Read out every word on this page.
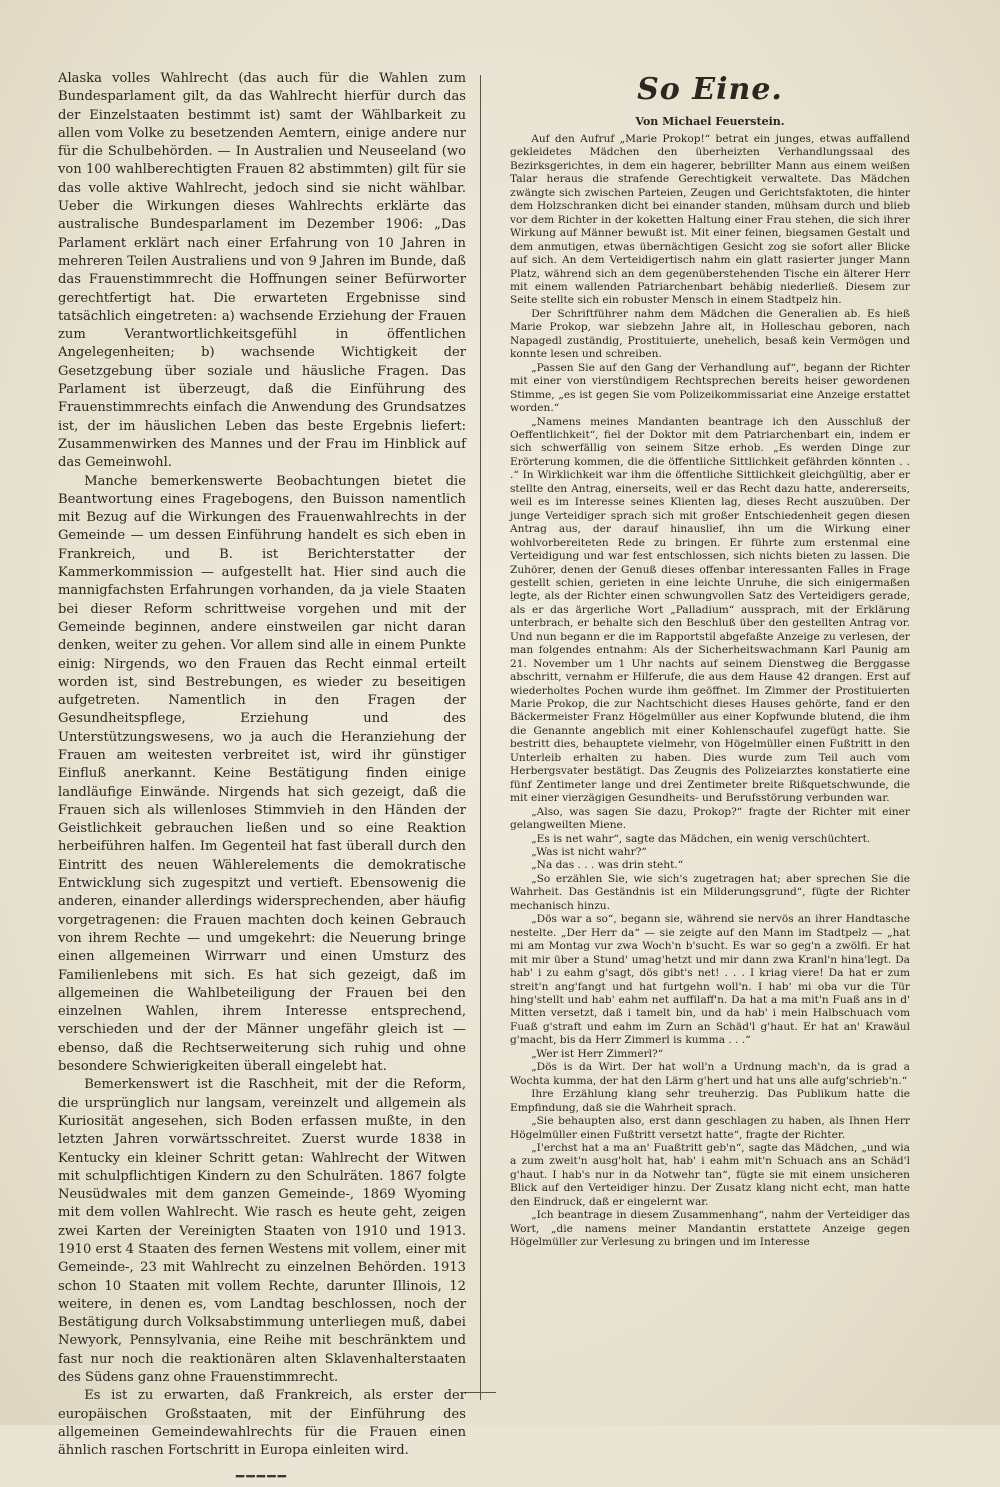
Alaska volles Wahlrecht (das auch für die Wahlen zum Bundesparlament gilt, da das Wahlrecht hierfür durch das der Einzelstaaten bestimmt ist) samt der Wählbarkeit zu allen vom Volke zu besetzenden Aemtern, einige andere nur für die Schulbehörden. — In Australien und Neuseeland (wo von 100 wahlberechtigten Frauen 82 abstimmten) gilt für sie das volle aktive Wahlrecht, jedoch sind sie nicht wählbar. Ueber die Wirkungen dieses Wahlrechts erklärte das australische Bundesparlament im Dezember 1906: „Das Parlament erklärt nach einer Erfahrung von 10 Jahren in mehreren Teilen Australiens und von 9 Jahren im Bunde, daß das Frauenstimmrecht die Hoffnungen seiner Befürworter gerechtfertigt hat. Die erwarteten Ergebnisse sind tatsächlich eingetreten: a) wachsende Erziehung der Frauen zum Verantwortlichkeitsgefühl in öffentlichen Angelegenheiten; b) wachsende Wichtigkeit der Gesetzgebung über soziale und häusliche Fragen. Das Parlament ist überzeugt, daß die Einführung des Frauenstimmrechts einfach die Anwendung des Grundsatzes ist, der im häuslichen Leben das beste Ergebnis liefert: Zusammenwirken des Mannes und der Frau im Hinblick auf das Gemeinwohl.

Manche bemerkenswerte Beobachtungen bietet die Beantwortung eines Fragebogens, den Buisson namentlich mit Bezug auf die Wirkungen des Frauenwahlrechts in der Gemeinde — um dessen Einführung handelt es sich eben in Frankreich, und B. ist Berichterstatter der Kammerkommission — aufgestellt hat. Hier sind auch die mannigfachsten Erfahrungen vorhanden, da ja viele Staaten bei dieser Reform schrittweise vorgehen und mit der Gemeinde beginnen, andere einstweilen gar nicht daran denken, weiter zu gehen. Vor allem sind alle in einem Punkte einig: Nirgends, wo den Frauen das Recht einmal erteilt worden ist, sind Bestrebungen, es wieder zu beseitigen aufgetreten. Namentlich in den Fragen der Gesundheitspflege, Erziehung und des Unterstützungswesens, wo ja auch die Heranziehung der Frauen am weitesten verbreitet ist, wird ihr günstiger Einfluß anerkannt. Keine Bestätigung finden einige landläufige Einwände. Nirgends hat sich gezeigt, daß die Frauen sich als willenloses Stimmvieh in den Händen der Geistlichkeit gebrauchen ließen und so eine Reaktion herbeiführen halfen. Im Gegenteil hat fast überall durch den Eintritt des neuen Wählerelements die demokratische Entwicklung sich zugespitzt und vertieft. Ebensowenig die anderen, einander allerdings widersprechenden, aber häufig vorgetragenen: die Frauen machten doch keinen Gebrauch von ihrem Rechte — und umgekehrt: die Neuerung bringe einen allgemeinen Wirrwarr und einen Umsturz des Familienlebens mit sich. Es hat sich gezeigt, daß im allgemeinen die Wahlbeteiligung der Frauen bei den einzelnen Wahlen, ihrem Interesse entsprechend, verschieden und der der Männer ungefähr gleich ist — ebenso, daß die Rechtserweiterung sich ruhig und ohne besondere Schwierigkeiten überall eingelebt hat.

Bemerkenswert ist die Raschheit, mit der die Reform, die ursprünglich nur langsam, vereinzelt und allgemein als Kuriosität angesehen, sich Boden erfassen mußte, in den letzten Jahren vorwärtsschreitet. Zuerst wurde 1838 in Kentucky ein kleiner Schritt getan: Wahlrecht der Witwen mit schulpflichtigen Kindern zu den Schulräten. 1867 folgte Neusüdwales mit dem ganzen Gemeinde-, 1869 Wyoming mit dem vollen Wahlrecht. Wie rasch es heute geht, zeigen zwei Karten der Vereinigten Staaten von 1910 und 1913. 1910 erst 4 Staaten des fernen Westens mit vollem, einer mit Gemeinde-, 23 mit Wahlrecht zu einzelnen Behörden. 1913 schon 10 Staaten mit vollem Rechte, darunter Illinois, 12 weitere, in denen es, vom Landtag beschlossen, noch der Bestätigung durch Volksabstimmung unterliegen muß, dabei Newyork, Pennsylvania, eine Reihe mit beschränktem und fast nur noch die reaktionären alten Sklavenhalterstaaten des Südens ganz ohne Frauenstimmrecht.

Es ist zu erwarten, daß Frankreich, als erster der europäischen Großstaaten, mit der Einführung des allgemeinen Gemeindewahlrechts für die Frauen einen ähnlich raschen Fortschritt in Europa einleiten wird.

━━━━━
So Eine.
Von Michael Feuerstein.

Auf den Aufruf „Marie Prokop!“ betrat ein junges, etwas auffallend gekleidetes Mädchen den überheizten Verhandlungssaal des Bezirksgerichtes, in dem ein hagerer, bebrillter Mann aus einem weißen Talar heraus die strafende Gerechtigkeit verwaltete. Das Mädchen zwängte sich zwischen Parteien, Zeugen und Gerichtsfaktoten, die hinter dem Holzschranken dicht bei einander standen, mühsam durch und blieb vor dem Richter in der koketten Haltung einer Frau stehen, die sich ihrer Wirkung auf Männer bewußt ist. Mit einer feinen, biegsamen Gestalt und dem anmutigen, etwas übernächtigen Gesicht zog sie sofort aller Blicke auf sich. An dem Verteidigertisch nahm ein glatt rasierter junger Mann Platz, während sich an dem gegenüberstehenden Tische ein älterer Herr mit einem wallenden Patriarchenbart behäbig niederließ. Diesem zur Seite stellte sich ein robuster Mensch in einem Stadtpelz hin.

Der Schriftführer nahm dem Mädchen die Generalien ab. Es hieß Marie Prokop, war siebzehn Jahre alt, in Holleschau geboren, nach Napagedl zuständig, Prostituierte, unehelich, besaß kein Vermögen und konnte lesen und schreiben.

„Passen Sie auf den Gang der Verhandlung auf“, begann der Richter mit einer von vierstündigem Rechtsprechen bereits heiser gewordenen Stimme, „es ist gegen Sie vom Polizeikommissariat eine Anzeige erstattet worden.“

„Namens meines Mandanten beantrage ich den Ausschluß der Oeffentlichkeit“, fiel der Doktor mit dem Patriarchenbart ein, indem er sich schwerfällig von seinem Sitze erhob. „Es werden Dinge zur Erörterung kommen, die die öffentliche Sittlichkeit gefährden könnten . . .“ In Wirklichkeit war ihm die öffentliche Sittlichkeit gleichgültig, aber er stellte den Antrag, einerseits, weil er das Recht dazu hatte, andererseits, weil es im Interesse seines Klienten lag, dieses Recht auszuüben. Der junge Verteidiger sprach sich mit großer Entschiedenheit gegen diesen Antrag aus, der darauf hinauslief, ihn um die Wirkung einer wohlvorbereiteten Rede zu bringen. Er führte zum erstenmal eine Verteidigung und war fest entschlossen, sich nichts bieten zu lassen. Die Zuhörer, denen der Genuß dieses offenbar interessanten Falles in Frage gestellt schien, gerieten in eine leichte Unruhe, die sich einigermaßen legte, als der Richter einen schwungvollen Satz des Verteidigers gerade, als er das ärgerliche Wort „Palladium“ aussprach, mit der Erklärung unterbrach, er behalte sich den Beschluß über den gestellten Antrag vor. Und nun begann er die im Rapportstil abgefaßte Anzeige zu verlesen, der man folgendes entnahm: Als der Sicherheitswachmann Karl Paunig am 21. November um 1 Uhr nachts auf seinem Dienstweg die Berggasse abschritt, vernahm er Hilferufe, die aus dem Hause 42 drangen. Erst auf wiederholtes Pochen wurde ihm geöffnet. Im Zimmer der Prostituierten Marie Prokop, die zur Nachtschicht dieses Hauses gehörte, fand er den Bäckermeister Franz Högelmüller aus einer Kopfwunde blutend, die ihm die Genannte angeblich mit einer Kohlenschaufel zugefügt hatte. Sie bestritt dies, behauptete vielmehr, von Högelmüller einen Fußtritt in den Unterleib erhalten zu haben. Dies wurde zum Teil auch vom Herbergsvater bestätigt. Das Zeugnis des Polizeiarztes konstatierte eine fünf Zentimeter lange und drei Zentimeter breite Rißquetschwunde, die mit einer vierzägigen Gesundheits- und Berufsstörung verbunden war.

„Also, was sagen Sie dazu, Prokop?“ fragte der Richter mit einer gelangweilten Miene.

„Es is net wahr“, sagte das Mädchen, ein wenig verschüchtert.

„Was ist nicht wahr?“

„Na das . . . was drin steht.“

„So erzählen Sie, wie sich's zugetragen hat; aber sprechen Sie die Wahrheit. Das Geständnis ist ein Milderungsgrund“, fügte der Richter mechanisch hinzu.

„Dös war a so“, begann sie, während sie nervös an ihrer Handtasche nestelte. „Der Herr da“ — sie zeigte auf den Mann im Stadtpelz — „hat mi am Montag vur zwa Woch'n b'sucht. Es war so geg'n a zwölfi. Er hat mit mir über a Stund' umag'hetzt und mir dann zwa Kranl'n hina'legt. Da hab' i zu eahm g'sagt, dös gibt's net! . . . I kriag viere! Da hat er zum streit'n ang'fangt und hat furtgehn woll'n. I hab' mi oba vur die Tür hing'stellt und hab' eahm net auffilaff'n. Da hat a ma mit'n Fuaß ans in d' Mitten versetzt, daß i tamelt bin, und da hab' i mein Halbschuach vom Fuaß g'straft und eahm im Zurn an Schäd'l g'haut. Er hat an' Krawäul g'macht, bis da Herr Zimmerl is kumma . . .“

„Wer ist Herr Zimmerl?“

„Dös is da Wirt. Der hat woll'n a Urdnung mach'n, da is grad a Wochta kumma, der hat den Lärm g'hert und hat uns alle aufg'schrieb'n.“

Ihre Erzählung klang sehr treuherzig. Das Publikum hatte die Empfindung, daß sie die Wahrheit sprach.

„Sie behaupten also, erst dann geschlagen zu haben, als Ihnen Herr Högelmüller einen Fußtritt versetzt hatte“, fragte der Richter.

„I'erchst hat a ma an' Fuaßtritt geb'n“, sagte das Mädchen, „und wia a zum zweit'n ausg'holt hat, hab' i eahm mit'n Schuach ans an Schäd'l g'haut. I hab's nur in da Notwehr tan“, fügte sie mit einem unsicheren Blick auf den Verteidiger hinzu. Der Zusatz klang nicht echt, man hatte den Eindruck, daß er eingelernt war.

„Ich beantrage in diesem Zusammenhang“, nahm der Verteidiger das Wort, „die namens meiner Mandantin erstattete Anzeige gegen Högelmüller zur Verlesung zu bringen und im Interesse
